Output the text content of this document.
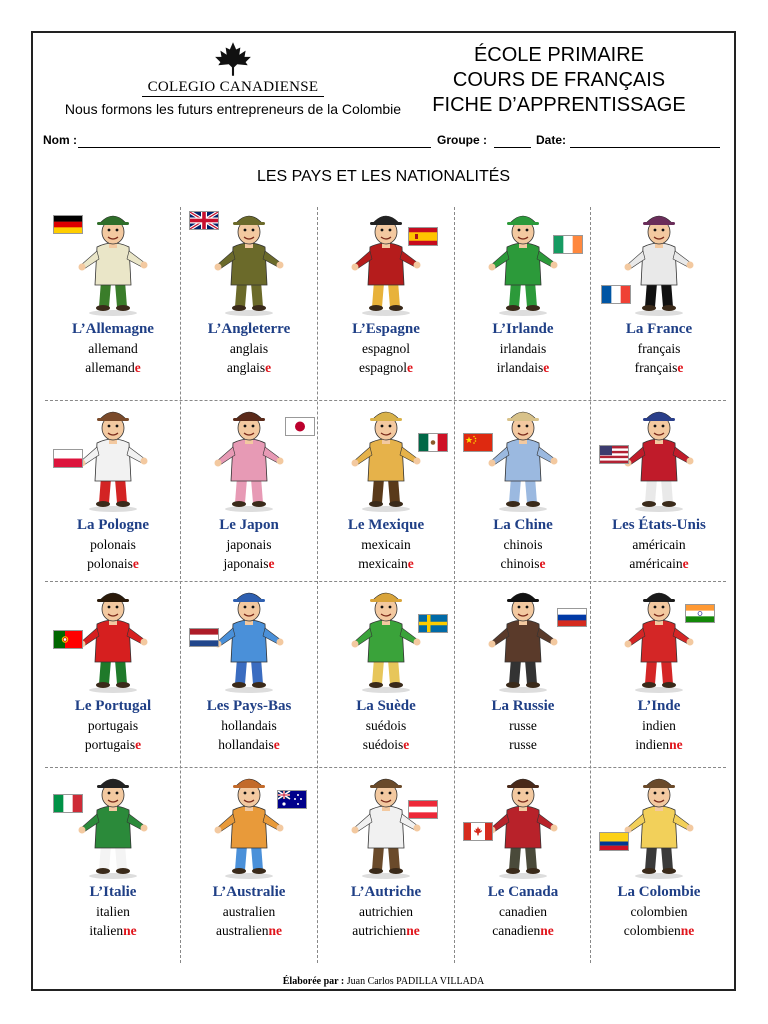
COLEGIO CANADIENSE
Nous formons les futurs entrepreneurs de la Colombie
ÉCOLE PRIMAIRE
COURS DE FRANÇAIS
FICHE D’APPRENTISSAGE
Nom :	Groupe :	Date:
LES PAYS ET LES NATIONALITÉS
L’Allemagne
allemand
allemande
L’Angleterre
anglais
anglaise
L’Espagne
espagnol
espagnole
L’Irlande
irlandais
irlandaise
La France
français
française
La Pologne
polonais
polonaise
Le Japon
japonais
japonaise
Le Mexique
mexicain
mexicaine
La Chine
chinois
chinoise
Les États-Unis
américain
américaine
Le Portugal
portugais
portugaise
Les Pays-Bas
hollandais
hollandaise
La Suède
suédois
suédoise
La Russie
russe
russe
L’Inde
indien
indienne
L’Italie
italien
italienne
L’Australie
australien
australienne
L’Autriche
autrichien
autrichienne
Le Canada
canadien
canadienne
La Colombie
colombien
colombienne
Élaborée par : Juan Carlos PADILLA VILLADA
